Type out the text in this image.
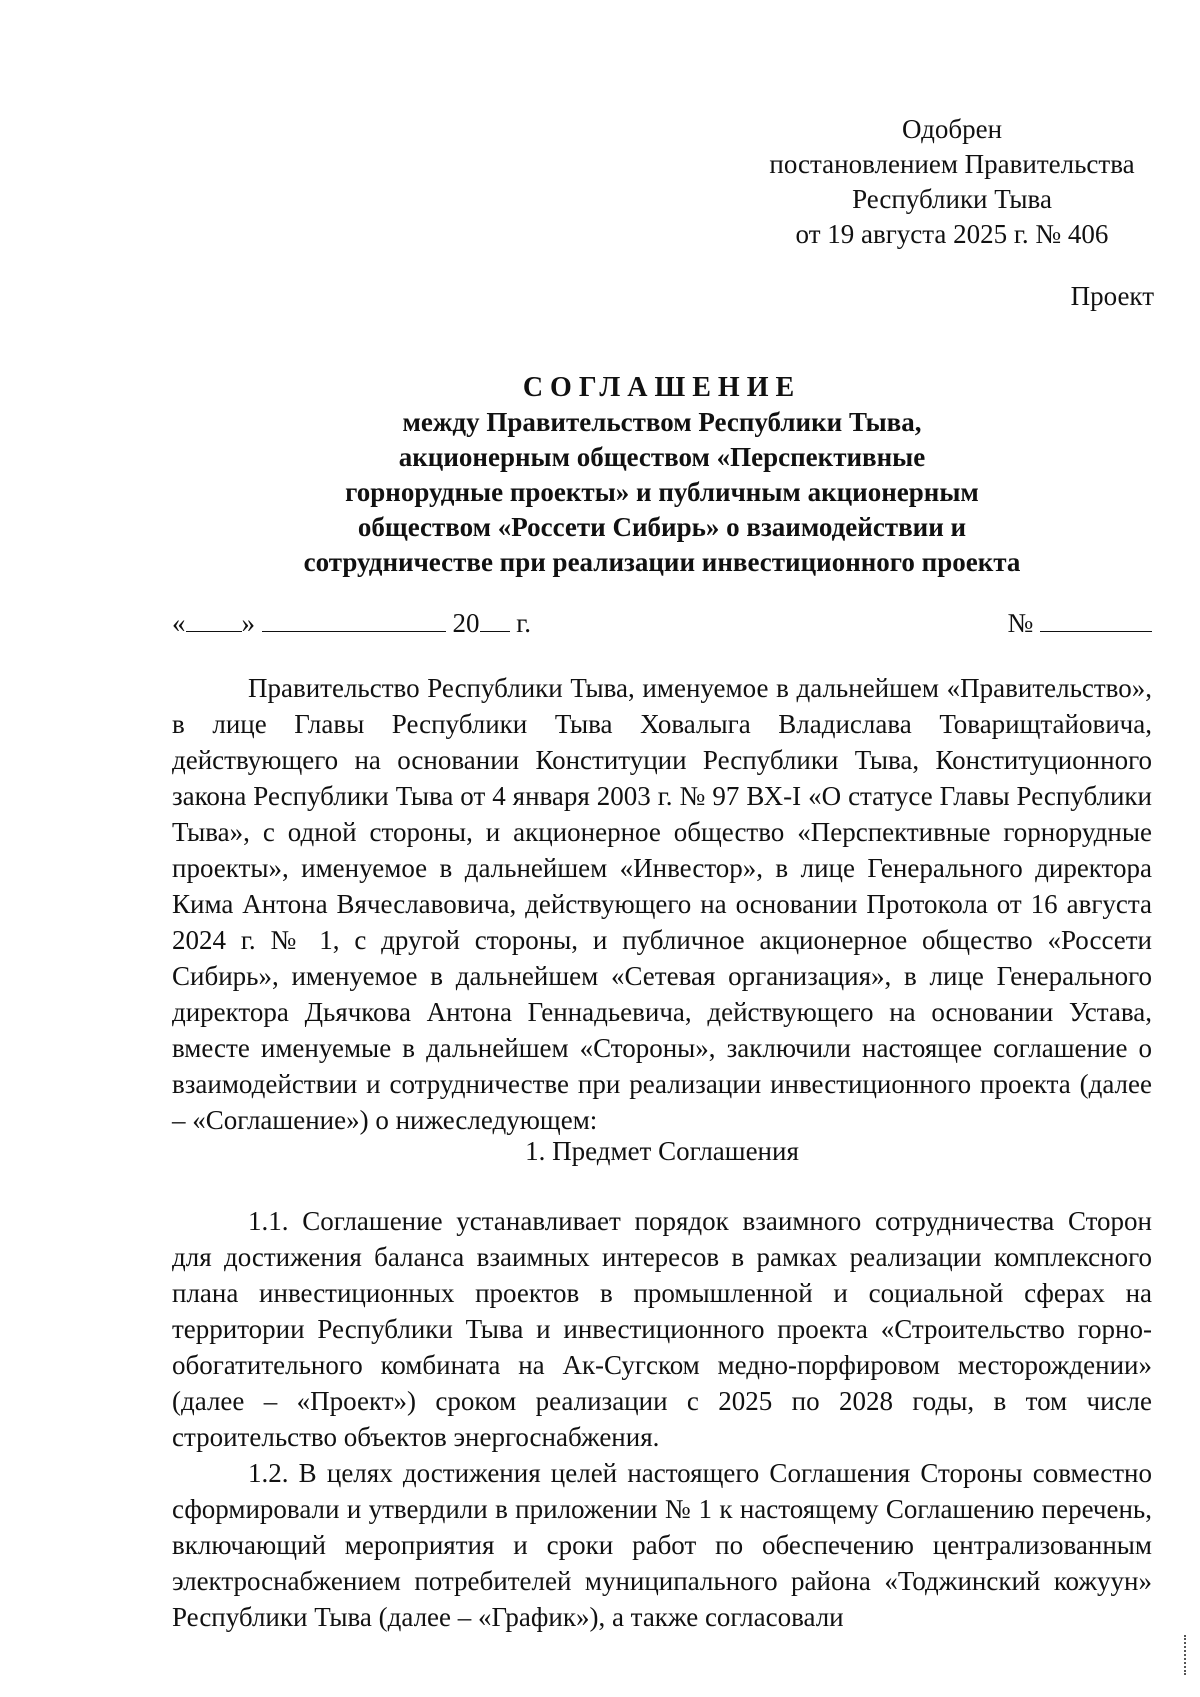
Одобрен
постановлением Правительства
Республики Тыва
от 19 августа 2025 г. № 406
Проект
СОГЛАШЕНИЕ
между Правительством Республики Тыва,
акционерным обществом «Перспективные
горнорудные проекты» и публичным акционерным
обществом «Россети Сибирь» о взаимодействии и
сотрудничестве при реализации инвестиционного проекта
« »	20 г.	№

Правительство Республики Тыва, именуемое в дальнейшем «Правительство», в лице Главы Республики Тыва Ховалыга Владислава Товарищтайовича, действующего на основании Конституции Республики Тыва, Конституционного закона Республики Тыва от 4 января 2003 г. № 97 ВХ-I «О статусе Главы Республики Тыва», с одной стороны, и акционерное общество «Перспективные горнорудные проекты», именуемое в дальнейшем «Инвестор», в лице Генерального директора Кима Антона Вячеславовича, действующего на основании Протокола от 16 августа 2024 г. № 1, с другой стороны, и публичное акционерное общество «Россети Сибирь», именуемое в дальнейшем «Сетевая организация», в лице Генерального директора Дьячкова Антона Геннадьевича, действующего на основании Устава, вместе именуемые в дальнейшем «Стороны», заключили настоящее соглашение о взаимодействии и сотрудничестве при реализации инвестиционного проекта (далее – «Соглашение») о нижеследующем:

1. Предмет Соглашения

1.1. Соглашение устанавливает порядок взаимного сотрудничества Сторон для достижения баланса взаимных интересов в рамках реализации комплексного плана инвестиционных проектов в промышленной и социальной сферах на территории Республики Тыва и инвестиционного проекта «Строительство горно-обогатительного комбината на Ак-Сугском медно-порфировом месторождении» (далее – «Проект») сроком реализации с 2025 по 2028 годы, в том числе строительство объектов энергоснабжения.

1.2. В целях достижения целей настоящего Соглашения Стороны совместно сформировали и утвердили в приложении № 1 к настоящему Соглашению перечень, включающий мероприятия и сроки работ по обеспечению централизованным электроснабжением потребителей муниципального района «Тоджинский кожуун» Республики Тыва (далее – «График»), а также согласовали
